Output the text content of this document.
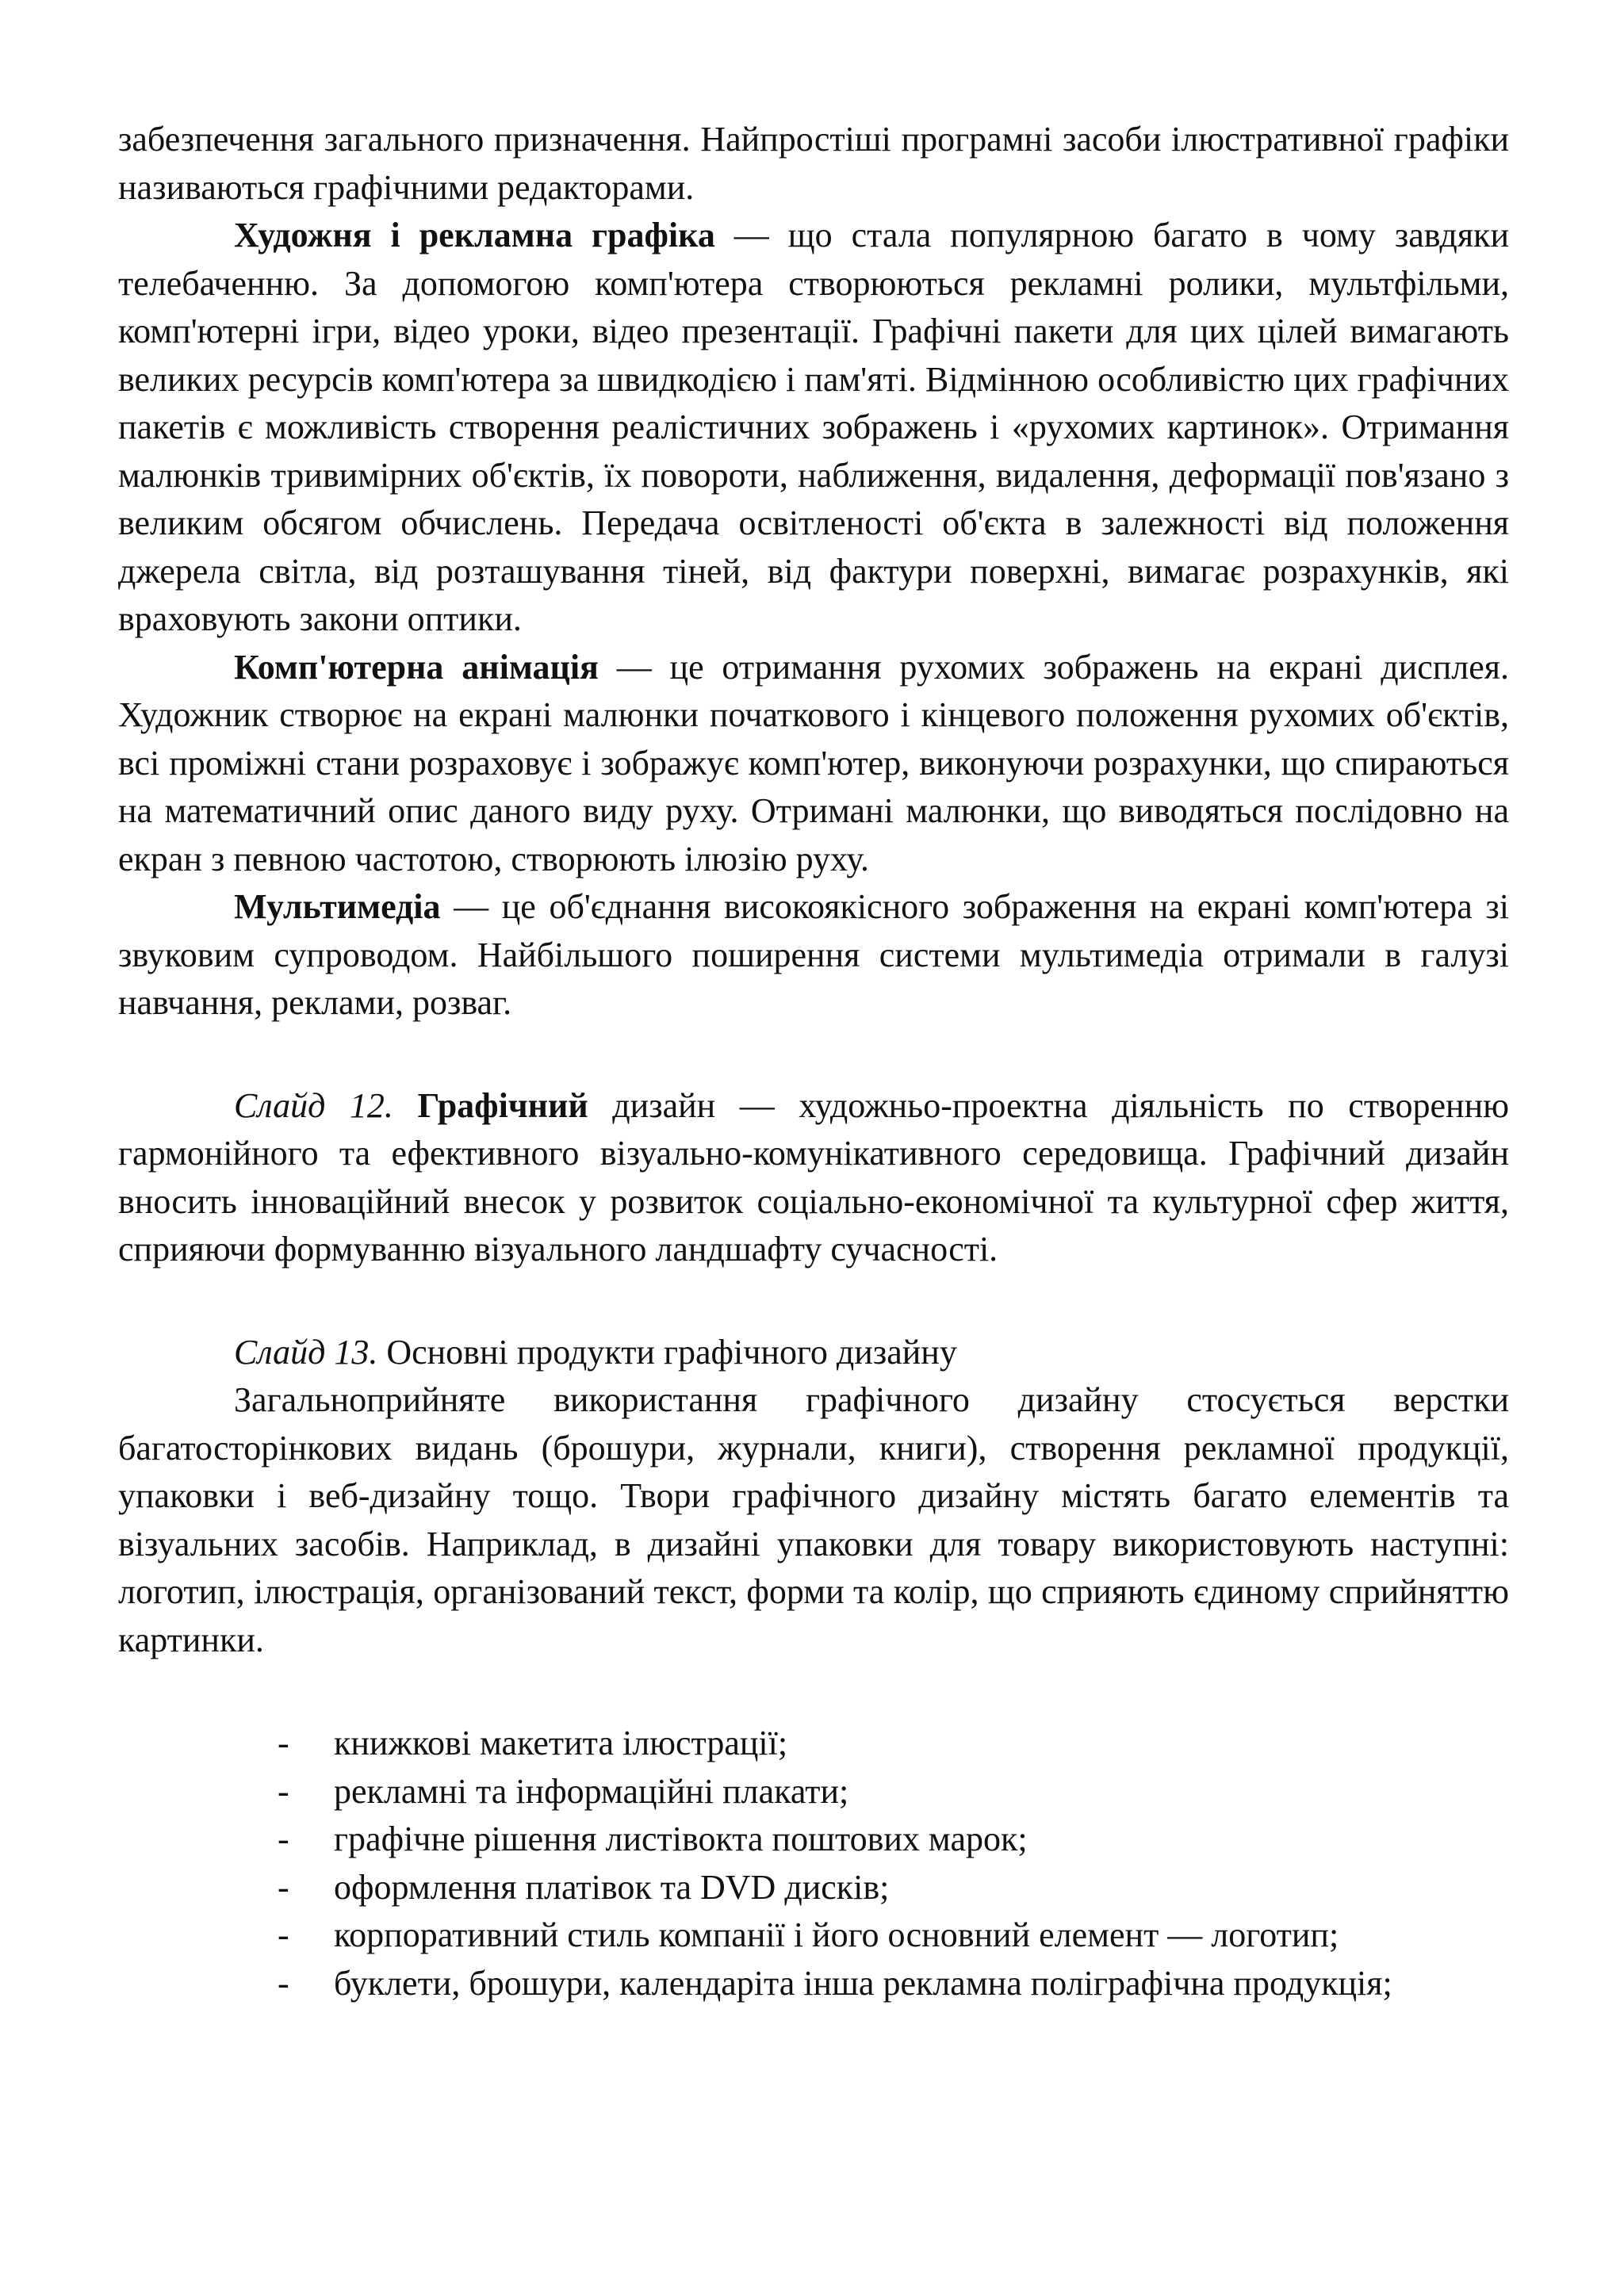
забезпечення загального призначення. Найпростіші програмні засоби ілюстративної графіки називаються графічними редакторами.

Художня і рекламна графіка — що стала популярною багато в чому завдяки телебаченню. За допомогою комп'ютера створюються рекламні ролики, мультфільми, комп'ютерні ігри, відео уроки, відео презентації. Графічні пакети для цих цілей вимагають великих ресурсів комп'ютера за швидкодією і пам'яті. Відмінною особливістю цих графічних пакетів є можливість створення реалістичних зображень і «рухомих картинок». Отримання малюнків тривимірних об'єктів, їх повороти, наближення, видалення, деформації пов'язано з великим обсягом обчислень. Передача освітленості об'єкта в залежності від положення джерела світла, від розташування тіней, від фактури поверхні, вимагає розрахунків, які враховують закони оптики.

Комп'ютерна анімація — це отримання рухомих зображень на екрані дисплея. Художник створює на екрані малюнки початкового і кінцевого положення рухомих об'єктів, всі проміжні стани розраховує і зображує комп'ютер, виконуючи розрахунки, що спираються на математичний опис даного виду руху. Отримані малюнки, що виводяться послідовно на екран з певною частотою, створюють ілюзію руху.

Мультимедіа — це об'єднання високоякісного зображення на екрані комп'ютера зі звуковим супроводом. Найбільшого поширення системи мультимедіа отримали в галузі навчання, реклами, розваг.

Слайд 12. Графічний дизайн — художньо-проектна діяльність по створенню гармонійного та ефективного візуально-комунікативного середовища. Графічний дизайн вносить інноваційний внесок у розвиток соціально-економічної та культурної сфер життя, сприяючи формуванню візуального ландшафту сучасності.

Слайд 13. Основні продукти графічного дизайну

Загальноприйняте використання графічного дизайну стосується верстки багатосторінкових видань (брошури, журнали, книги), створення рекламної продукції, упаковки і веб-дизайну тощо. Твори графічного дизайну містять багато елементів та візуальних засобів. Наприклад, в дизайні упаковки для товару використовують наступні: логотип, ілюстрація, організований текст, форми та колір, що сприяють єдиному сприйняттю картинки.

-	книжкові макетита ілюстрації;
-	рекламні та інформаційні плакати;
-	графічне рішення листівокта поштових марок;
-	оформлення платівок та DVD дисків;
-	корпоративний стиль компанії і його основний елемент — логотип;
-	буклети, брошури, календаріта інша рекламна поліграфічна продукція;
